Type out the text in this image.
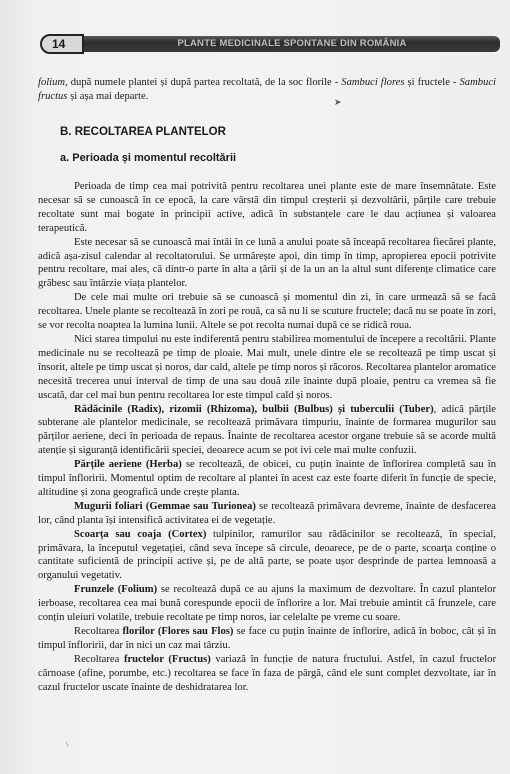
14	PLANTE MEDICINALE SPONTANE DIN ROMÂNIA

folium, după numele plantei și după partea recoltată, de la soc florile - Sambuci flores și fructele - Sambuci fructus și așa mai departe.

➤
B. RECOLTAREA PLANTELOR
a. Perioada și momentul recoltării

Perioada de timp cea mai potrivită pentru recoltarea unei plante este de mare însemnătate. Este necesar să se cunoască în ce epocă, la care vârstă din timpul creșterii și dezvoltării, părțile care trebuie recoltate sunt mai bogate în principii active, adică în substanțele care le dau acțiunea și valoarea terapeutică.

Este necesar să se cunoască mai întâi în ce lună a anului poate să înceapă recoltarea fiecărei plante, adică așa-zisul calendar al recoltatorului. Se urmărește apoi, din timp în timp, apropierea epocii potrivite pentru recoltare, mai ales, că dintr-o parte în alta a țării și de la un an la altul sunt diferențe climatice care grăbesc sau întârzie viața plantelor.

De cele mai multe ori trebuie să se cunoască și momentul din zi, în care urmează să se facă recoltarea. Unele plante se recoltează în zori pe rouă, ca să nu li se scuture fructele; dacă nu se poate în zori, se vor recolta noaptea la lumina lunii. Altele se pot recolta numai după ce se ridică roua.

Nici starea timpului nu este indiferentă pentru stabilirea momentului de începere a recoltării. Plante medicinale nu se recoltează pe timp de ploaie. Mai mult, unele dintre ele se recoltează pe timp uscat și însorit, altele pe timp uscat și noros, dar cald, altele pe timp noros și răcoros. Recoltarea plantelor aromatice necesită trecerea unui interval de timp de una sau două zile înainte după ploaie, pentru ca vremea să fie uscată, dar cel mai bun pentru recoltarea lor este timpul cald și noros.

Rădăcinile (Radix), rizomii (Rhizoma), bulbii (Bulbus) și tuberculii (Tuber), adică părțile subterane ale plantelor medicinale, se recoltează primăvara timpuriu, înainte de formarea mugurilor sau părților aeriene, deci în perioada de repaus. Înainte de recoltarea acestor organe trebuie să se acorde multă atenție și siguranță identificării speciei, deoarece acum se pot ivi cele mai multe confuzii.

Părțile aeriene (Herba) se recoltează, de obicei, cu puțin înainte de înflorirea completă sau în timpul înfloririi. Momentul optim de recoltare al plantei în acest caz este foarte diferit în funcție de specie, altitudine și zona geografică unde crește planta.

Mugurii foliari (Gemmae sau Turionea) se recoltează primăvara devreme, înainte de desfacerea lor, când planta își intensifică activitatea ei de vegetație.

Scoarța sau coaja (Cortex) tulpinilor, ramurilor sau rădăcinilor se recoltează, în special, primăvara, la începutul vegetației, când seva începe să circule, deoarece, pe de o parte, scoarța conține o cantitate suficientă de principii active și, pe de altă parte, se poate ușor desprinde de partea lemnoasă a organului vegetativ.

Frunzele (Folium) se recoltează după ce au ajuns la maximum de dezvoltare. În cazul plantelor ierboase, recoltarea cea mai bună corespunde epocii de înflorire a lor. Mai trebuie amintit că frunzele, care conțin uleiuri volatile, trebuie recoltate pe timp noros, iar celelalte pe vreme cu soare.

Recoltarea florilor (Flores sau Flos) se face cu puțin înainte de înflorire, adică în boboc, cât și în timpul înfloririi, dar în nici un caz mai târziu.

Recoltarea fructelor (Fructus) variază în funcție de natura fructului. Astfel, în cazul fructelor cărnoase (afine, porumbe, etc.) recoltarea se face în faza de pârgă, când ele sunt complet dezvoltate, iar în cazul fructelor uscate înainte de deshidratarea lor.

\
